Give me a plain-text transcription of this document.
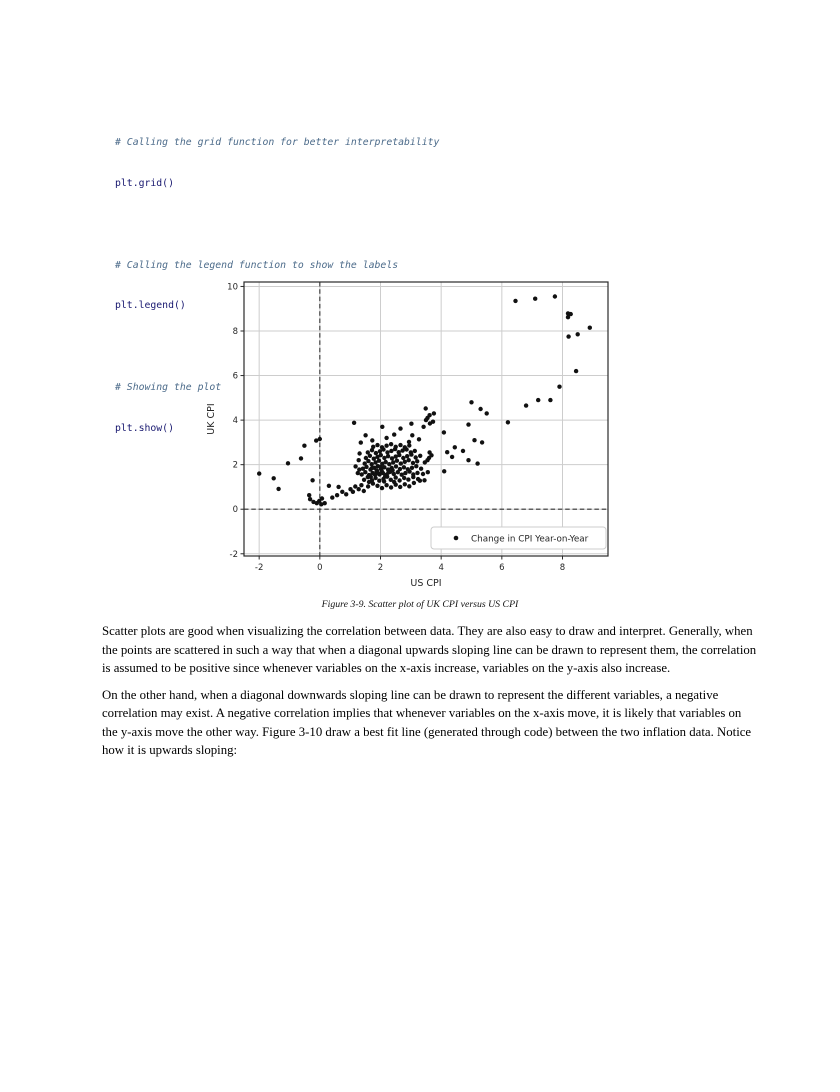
# Calling the grid function for better interpretability

plt.grid()

# Calling the legend function to show the labels

plt.legend()

# Showing the plot

plt.show()

-2	0	2	4	6	8
-2
0
2
4
6
8
10
US CPI
UK CPI
Change in CPI Year-on-Year
Figure 3-9. Scatter plot of UK CPI versus US CPI

Scatter plots are good when visualizing the correlation between data. They are also easy to draw and interpret. Generally, when the points are scattered in such a way that when a diagonal upwards sloping line can be drawn to represent them, the correlation is assumed to be positive since whenever variables on the x-axis increase, variables on the y-axis also increase.

On the other hand, when a diagonal downwards sloping line can be drawn to represent the different variables, a negative correlation may exist. A negative correlation implies that whenever variables on the x-axis move, it is likely that variables on the y-axis move the other way. Figure 3-10 draw a best fit line (generated through code) between the two inflation data. Notice how it is upwards sloping:
